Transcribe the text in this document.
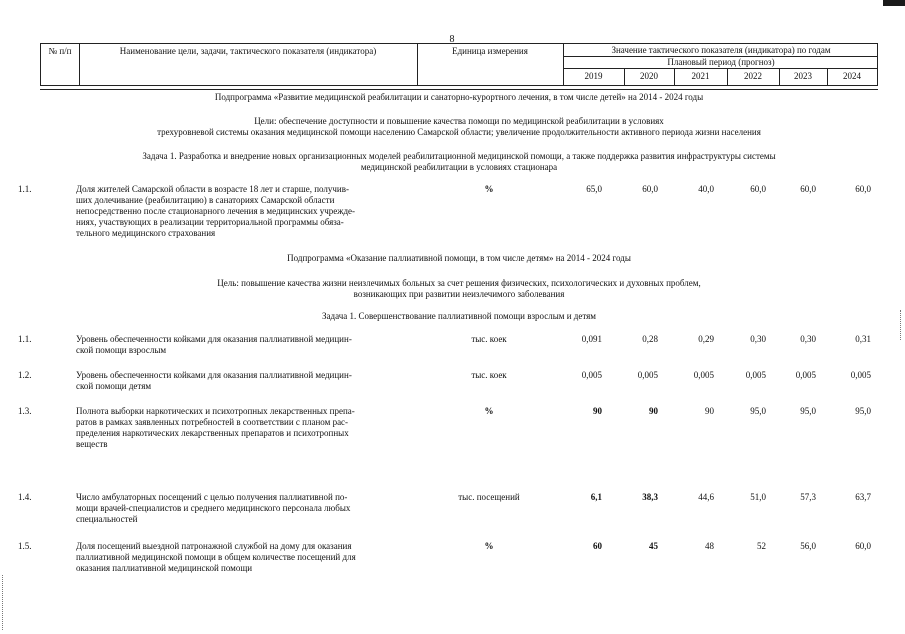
8
№ п/п	Наименование цели, задачи, тактического показателя (индикатора)	Единица измерения	Значение тактического показателя (индикатора) по годам
Плановый период (прогноз)
2019	2020	2021	2022	2023	2024
Подпрограмма «Развитие медицинской реабилитации и санаторно-курортного лечения, в том числе детей» на 2014 - 2024 годы
Цели: обеспечение доступности и повышение качества помощи по медицинской реабилитации в условиях
трехуровневой системы оказания медицинской помощи населению Самарской области; увеличение продолжительности активного периода жизни населения
Задача 1. Разработка и внедрение новых организационных моделей реабилитационной медицинской помощи, а также поддержка развития инфраструктуры системы
медицинской реабилитации в условиях стационара
1.1.	Доля жителей Самарской области в возрасте 18 лет и старше, получив-
ших долечивание (реабилитацию) в санаториях Самарской области
непосредственно после стационарного лечения в медицинских учрежде-
ниях, участвующих в реализации территориальной программы обяза-
тельного медицинского страхования
%	65,0	60,0	40,0	60,0	60,0	60,0
Подпрограмма «Оказание паллиативной помощи, в том числе детям» на 2014 - 2024 годы
Цель: повышение качества жизни неизлечимых больных за счет решения физических, психологических и духовных проблем,
возникающих при развитии неизлечимого заболевания
Задача 1. Совершенствование паллиативной помощи взрослым и детям
1.1.	Уровень обеспеченности койками для оказания паллиативной медицин-
ской помощи взрослым
тыс. коек	0,091	0,28	0,29	0,30	0,30	0,31
1.2.	Уровень обеспеченности койками для оказания паллиативной медицин-
ской помощи детям
тыс. коек	0,005	0,005	0,005	0,005	0,005	0,005
1.3.	Полнота выборки наркотических и психотропных лекарственных препа-
ратов в рамках заявленных потребностей в соответствии с планом рас-
пределения наркотических лекарственных препаратов и психотропных
веществ
%	90	90	90	95,0	95,0	95,0
1.4.	Число амбулаторных посещений с целью получения паллиативной по-
мощи врачей-специалистов и среднего медицинского персонала любых
специальностей
тыс. посещений	6,1	38,3	44,6	51,0	57,3	63,7
1.5.	Доля посещений выездной патронажной службой на дому для оказания
паллиативной медицинской помощи в общем количестве посещений для
оказания паллиативной медицинской помощи
%	60	45	48	52	56,0	60,0
